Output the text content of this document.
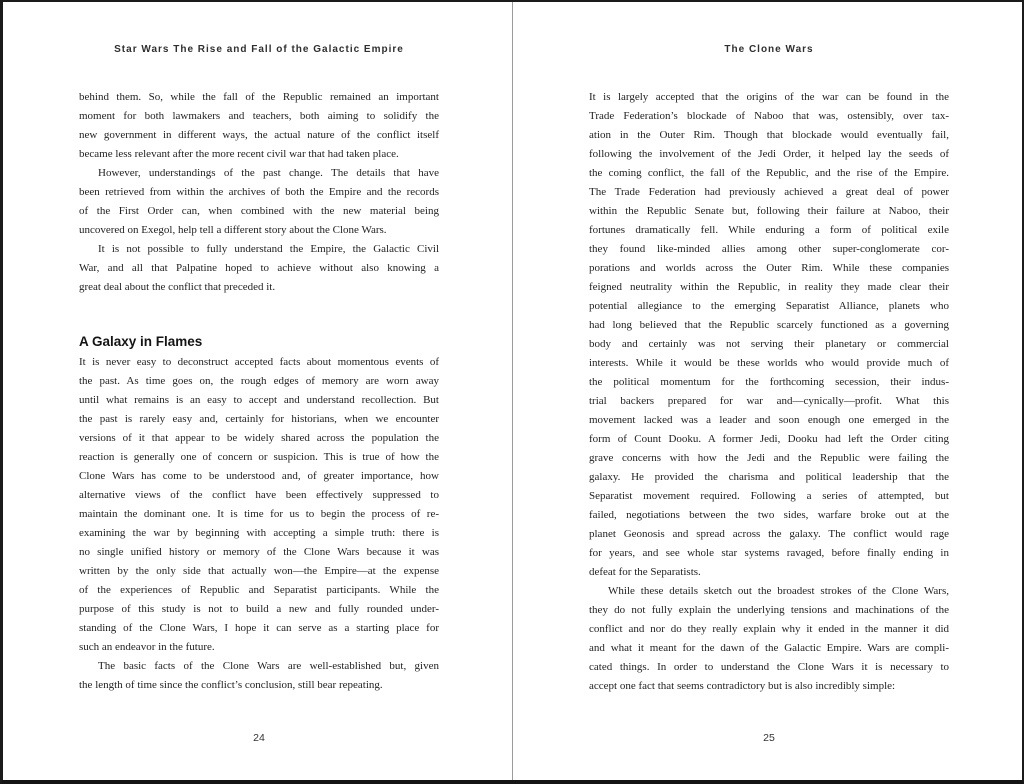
Star Wars The Rise and Fall of the Galactic Empire
behind them. So, while the fall of the Republic remained an important
moment for both lawmakers and teachers, both aiming to solidify the
new government in different ways, the actual nature of the conflict itself
became less relevant after the more recent civil war that had taken place.
However, understandings of the past change. The details that have
been retrieved from within the archives of both the Empire and the records
of the First Order can, when combined with the new material being
uncovered on Exegol, help tell a different story about the Clone Wars.
It is not possible to fully understand the Empire, the Galactic Civil
War, and all that Palpatine hoped to achieve without also knowing a
great deal about the conflict that preceded it.
A Galaxy in Flames
It is never easy to deconstruct accepted facts about momentous events of
the past. As time goes on, the rough edges of memory are worn away
until what remains is an easy to accept and understand recollection. But
the past is rarely easy and, certainly for historians, when we encounter
versions of it that appear to be widely shared across the population the
reaction is generally one of concern or suspicion. This is true of how the
Clone Wars has come to be understood and, of greater importance, how
alternative views of the conflict have been effectively suppressed to
maintain the dominant one. It is time for us to begin the process of re-
examining the war by beginning with accepting a simple truth: there is
no single unified history or memory of the Clone Wars because it was
written by the only side that actually won—the Empire—at the expense
of the experiences of Republic and Separatist participants. While the
purpose of this study is not to build a new and fully rounded under-
standing of the Clone Wars, I hope it can serve as a starting place for
such an endeavor in the future.
The basic facts of the Clone Wars are well-established but, given
the length of time since the conflict’s conclusion, still bear repeating.
24
The Clone Wars
It is largely accepted that the origins of the war can be found in the
Trade Federation’s blockade of Naboo that was, ostensibly, over tax-
ation in the Outer Rim. Though that blockade would eventually fail,
following the involvement of the Jedi Order, it helped lay the seeds of
the coming conflict, the fall of the Republic, and the rise of the Empire.
The Trade Federation had previously achieved a great deal of power
within the Republic Senate but, following their failure at Naboo, their
fortunes dramatically fell. While enduring a form of political exile
they found like-minded allies among other super-conglomerate cor-
porations and worlds across the Outer Rim. While these companies
feigned neutrality within the Republic, in reality they made clear their
potential allegiance to the emerging Separatist Alliance, planets who
had long believed that the Republic scarcely functioned as a governing
body and certainly was not serving their planetary or commercial
interests. While it would be these worlds who would provide much of
the political momentum for the forthcoming secession, their indus-
trial backers prepared for war and—cynically—profit. What this
movement lacked was a leader and soon enough one emerged in the
form of Count Dooku. A former Jedi, Dooku had left the Order citing
grave concerns with how the Jedi and the Republic were failing the
galaxy. He provided the charisma and political leadership that the
Separatist movement required. Following a series of attempted, but
failed, negotiations between the two sides, warfare broke out at the
planet Geonosis and spread across the galaxy. The conflict would rage
for years, and see whole star systems ravaged, before finally ending in
defeat for the Separatists.
While these details sketch out the broadest strokes of the Clone Wars,
they do not fully explain the underlying tensions and machinations of the
conflict and nor do they really explain why it ended in the manner it did
and what it meant for the dawn of the Galactic Empire. Wars are compli-
cated things. In order to understand the Clone Wars it is necessary to
accept one fact that seems contradictory but is also incredibly simple:
25
